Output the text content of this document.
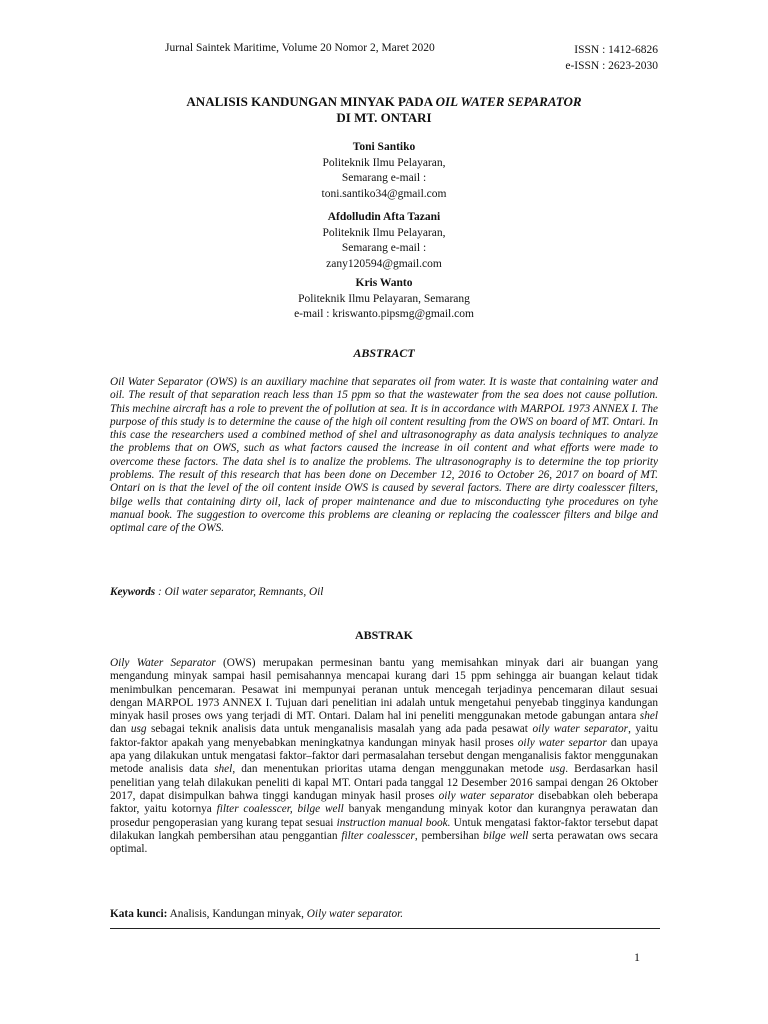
Jurnal Saintek Maritime, Volume 20 Nomor 2, Maret 2020	ISSN : 1412-6826
e-ISSN : 2623-2030
ANALISIS KANDUNGAN MINYAK PADA OIL WATER SEPARATOR
DI MT. ONTARI
Toni Santiko
Politeknik Ilmu Pelayaran,
Semarang e-mail :
toni.santiko34@gmail.com
Afdolludin Afta Tazani
Politeknik Ilmu Pelayaran,
Semarang e-mail :
zany120594@gmail.com
Kris Wanto
Politeknik Ilmu Pelayaran, Semarang
e-mail : kriswanto.pipsmg@gmail.com
ABSTRACT
Oil Water Separator (OWS) is an auxiliary machine that separates oil from water. It is waste that containing water and oil. The result of that separation reach less than 15 ppm so that the wastewater from the sea does not cause pollution. This mechine aircraft has a role to prevent the of pollution at sea. It is in accordance with MARPOL 1973 ANNEX I. The purpose of this study is to determine the cause of the high oil content resulting from the OWS on board of MT. Ontari. In this case the researchers used a combined method of shel and ultrasonography as data analysis techniques to analyze the problems that on OWS, such as what factors caused the increase in oil content and what efforts were made to overcome these factors. The data shel is to analize the problems. The ultrasonography is to determine the top priority problems. The result of this research that has been done on December 12, 2016 to October 26, 2017 on board of MT. Ontari on is that the level of the oil content inside OWS is caused by several factors. There are dirty coalesscer filters, bilge wells that containing dirty oil, lack of proper maintenance and due to misconducting tyhe procedures on tyhe manual book. The suggestion to overcome this problems are cleaning or replacing the coalesscer filters and bilge and optimal care of the OWS.
Keywords : Oil water separator, Remnants, Oil
ABSTRAK
Oily Water Separator (OWS) merupakan permesinan bantu yang memisahkan minyak dari air buangan yang mengandung minyak sampai hasil pemisahannya mencapai kurang dari 15 ppm sehingga air buangan kelaut tidak menimbulkan pencemaran. Pesawat ini mempunyai peranan untuk mencegah terjadinya pencemaran dilaut sesuai dengan MARPOL 1973 ANNEX I. Tujuan dari penelitian ini adalah untuk mengetahui penyebab tingginya kandungan minyak hasil proses ows yang terjadi di MT. Ontari. Dalam hal ini peneliti menggunakan metode gabungan antara shel dan usg sebagai teknik analisis data untuk menganalisis masalah yang ada pada pesawat oily water separator, yaitu faktor-faktor apakah yang menyebabkan meningkatnya kandungan minyak hasil proses oily water separtor dan upaya apa yang dilakukan untuk mengatasi faktor–faktor dari permasalahan tersebut dengan menganalisis faktor menggunakan metode analisis data shel, dan menentukan prioritas utama dengan menggunakan metode usg. Berdasarkan hasil penelitian yang telah dilakukan peneliti di kapal MT. Ontari pada tanggal 12 Desember 2016 sampai dengan 26 Oktober 2017, dapat disimpulkan bahwa tinggi kandugan minyak hasil proses oily water separator disebabkan oleh beberapa faktor, yaitu kotornya filter coalesscer, bilge well banyak mengandung minyak kotor dan kurangnya perawatan dan prosedur pengoperasian yang kurang tepat sesuai instruction manual book. Untuk mengatasi faktor-faktor tersebut dapat dilakukan langkah pembersihan atau penggantian filter coalesscer, pembersihan bilge well serta perawatan ows secara optimal.
Kata kunci: Analisis, Kandungan minyak, Oily water separator.
1
